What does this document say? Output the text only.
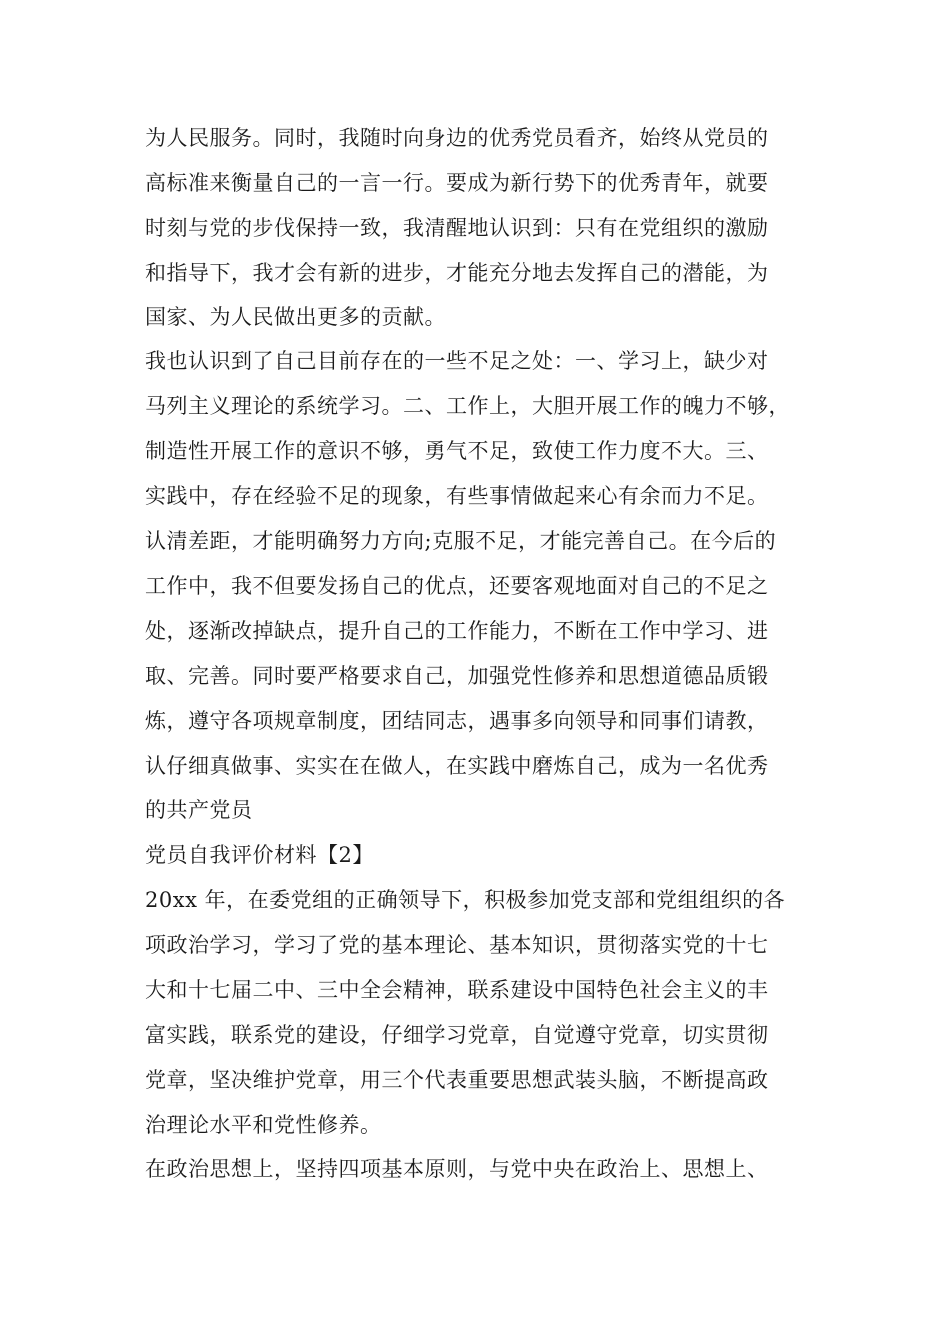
为人民服务。同时，我随时向身边的优秀党员看齐，始终从党员的
高标准来衡量自己的一言一行。要成为新行势下的优秀青年，就要
时刻与党的步伐保持一致，我清醒地认识到：只有在党组织的激励
和指导下，我才会有新的进步，才能充分地去发挥自己的潜能，为
国家、为人民做出更多的贡献。
我也认识到了自己目前存在的一些不足之处：一、学习上，缺少对
马列主义理论的系统学习。二、工作上，大胆开展工作的魄力不够，
制造性开展工作的意识不够，勇气不足，致使工作力度不大。三、
实践中，存在经验不足的现象，有些事情做起来心有余而力不足。
认清差距，才能明确努力方向;克服不足，才能完善自己。在今后的
工作中，我不但要发扬自己的优点，还要客观地面对自己的不足之
处，逐渐改掉缺点，提升自己的工作能力，不断在工作中学习、进
取、完善。同时要严格要求自己，加强党性修养和思想道德品质锻
炼，遵守各项规章制度，团结同志，遇事多向领导和同事们请教，
认仔细真做事、实实在在做人，在实践中磨炼自己，成为一名优秀
的共产党员
党员自我评价材料【2】
20xx 年，在委党组的正确领导下，积极参加党支部和党组组织的各
项政治学习，学习了党的基本理论、基本知识，贯彻落实党的十七
大和十七届二中、三中全会精神，联系建设中国特色社会主义的丰
富实践，联系党的建设，仔细学习党章，自觉遵守党章，切实贯彻
党章，坚决维护党章，用三个代表重要思想武装头脑，不断提高政
治理论水平和党性修养。
在政治思想上，坚持四项基本原则，与党中央在政治上、思想上、
